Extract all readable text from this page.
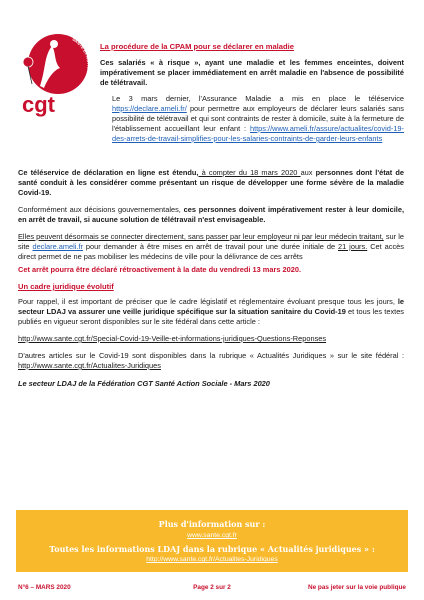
SANTÉ ET ACTION SO
cgt
La procédure de la CPAM pour se déclarer en maladie
Ces salariés « à risque », ayant une maladie et les femmes enceintes, doivent impérativement se placer immédiatement en arrêt maladie en l'absence de possibilité de télétravail.
Le 3 mars dernier, l'Assurance Maladie a mis en place le téléservice https://declare.ameli.fr/ pour permettre aux employeurs de déclarer leurs salariés sans possibilité de télétravail et qui sont contraints de rester à domicile, suite à la fermeture de l'établissement accueillant leur enfant : https://www.ameli.fr/assure/actualites/covid-19-des-arrets-de-travail-simplifies-pour-les-salaries-contraints-de-garder-leurs-enfants

Ce téléservice de déclaration en ligne est étendu, à compter du 18 mars 2020 aux personnes dont l'état de santé conduit à les considérer comme présentant un risque de développer une forme sévère de la maladie Covid-19.

Conformément aux décisions gouvernementales, ces personnes doivent impérativement rester à leur domicile, en arrêt de travail, si aucune solution de télétravail n'est envisageable.

Elles peuvent désormais se connecter directement, sans passer par leur employeur ni par leur médecin traitant, sur le site declare.ameli.fr pour demander à être mises en arrêt de travail pour une durée initiale de 21 jours. Cet accès direct permet de ne pas mobiliser les médecins de ville pour la délivrance de ces arrêts

Cet arrêt pourra être déclaré rétroactivement à la date du vendredi 13 mars 2020.

Un cadre juridique évolutif

Pour rappel, il est important de préciser que le cadre législatif et réglementaire évoluant presque tous les jours, le secteur LDAJ va assurer une veille juridique spécifique sur la situation sanitaire du Covid-19 et tous les textes publiés en vigueur seront disponibles sur le site fédéral dans cette article :

http://www.sante.cgt.fr/Special-Covid-19-Veille-et-informations-juridiques-Questions-Reponses

D'autres articles sur le Covid-19 sont disponibles dans la rubrique « Actualités Juridiques » sur le site fédéral : http://www.sante.cgt.fr/Actualites-Juridiques

Le secteur LDAJ de la Fédération CGT Santé Action Sociale - Mars 2020
Plus d'information sur :
www.sante.cgt.fr
Toutes les informations LDAJ dans la rubrique « Actualités juridiques » :
http://www.sante.cgt.fr/Actualites-Juridiques
N°6 – MARS 2020	Page 2 sur 2	Ne pas jeter sur la voie publique
